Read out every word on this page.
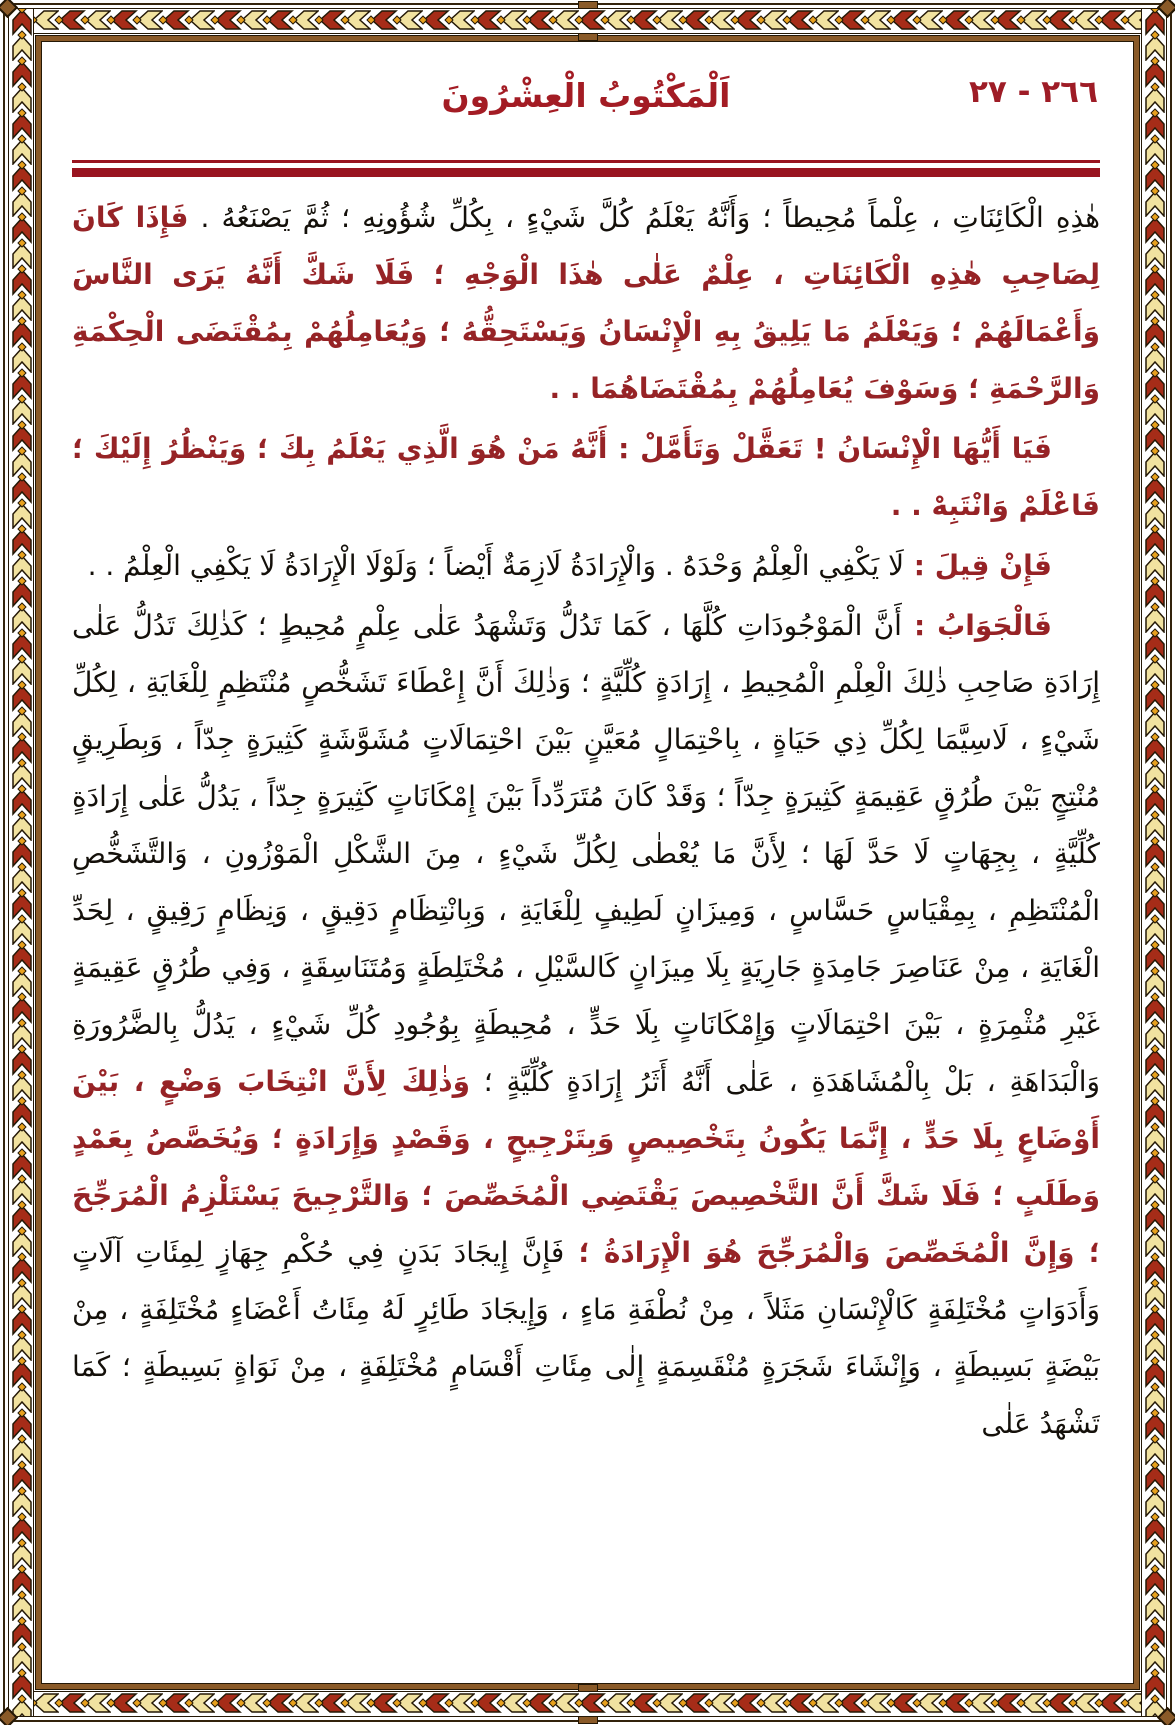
٢٦٦ - ٢٧
اَلْمَكْتُوبُ الْعِشْرُونَ

هٰذِهِ الْكَائِنَاتِ ، عِلْماً مُحِيطاً ؛ وَأَنَّهُ يَعْلَمُ كُلَّ شَيْءٍ ، بِكُلِّ شُؤُونِهِ ؛ ثُمَّ يَصْنَعُهُ . فَإِذَا كَانَ لِصَاحِبِ هٰذِهِ الْكَائِنَاتِ ، عِلْمٌ عَلٰى هٰذَا الْوَجْهِ ؛ فَلَا شَكَّ أَنَّهُ يَرَى النَّاسَ وَأَعْمَالَهُمْ ؛ وَيَعْلَمُ مَا يَلِيقُ بِهِ الْإِنْسَانُ وَيَسْتَحِقُّهُ ؛ وَيُعَامِلُهُمْ بِمُقْتَضَى الْحِكْمَةِ وَالرَّحْمَةِ ؛ وَسَوْفَ يُعَامِلُهُمْ بِمُقْتَضَاهُمَا . .

فَيَا أَيُّهَا الْإِنْسَانُ ! تَعَقَّلْ وَتَأَمَّلْ : أَنَّهُ مَنْ هُوَ الَّذِي يَعْلَمُ بِكَ ؛ وَيَنْظُرُ إِلَيْكَ ؛ فَاعْلَمْ وَانْتَبِهْ . .

فَإِنْ قِيلَ : لَا يَكْفِي الْعِلْمُ وَحْدَهُ . وَالْإِرَادَةُ لَازِمَةٌ أَيْضاً ؛ وَلَوْلَا الْإِرَادَةُ لَا يَكْفِي الْعِلْمُ . .

فَالْجَوَابُ : أَنَّ الْمَوْجُودَاتِ كُلَّهَا ، كَمَا تَدُلُّ وَتَشْهَدُ عَلٰى عِلْمٍ مُحِيطٍ ؛ كَذٰلِكَ تَدُلُّ عَلٰى إِرَادَةِ صَاحِبِ ذٰلِكَ الْعِلْمِ الْمُحِيطِ ، إِرَادَةٍ كُلِّيَّةٍ ؛ وَذٰلِكَ أَنَّ إِعْطَاءَ تَشَخُّصٍ مُنْتَظِمٍ لِلْغَايَةِ ، لِكُلِّ شَيْءٍ ، لَاسِيَّمَا لِكُلِّ ذِي حَيَاةٍ ، بِاحْتِمَالٍ مُعَيَّنٍ بَيْنَ احْتِمَالَاتٍ مُشَوَّشَةٍ كَثِيرَةٍ جِدّاً ، وَبِطَرِيقٍ مُنْتِجٍ بَيْنَ طُرُقٍ عَقِيمَةٍ كَثِيرَةٍ جِدّاً ؛ وَقَدْ كَانَ مُتَرَدِّداً بَيْنَ إِمْكَانَاتٍ كَثِيرَةٍ جِدّاً ، يَدُلُّ عَلٰى إِرَادَةٍ كُلِّيَّةٍ ، بِجِهَاتٍ لَا حَدَّ لَهَا ؛ لِأَنَّ مَا يُعْطٰى لِكُلِّ شَيْءٍ ، مِنَ الشَّكْلِ الْمَوْزُونِ ، وَالتَّشَخُّصِ الْمُنْتَظِمِ ، بِمِقْيَاسٍ حَسَّاسٍ ، وَمِيزَانٍ لَطِيفٍ لِلْغَايَةِ ، وَبِانْتِظَامٍ دَقِيقٍ ، وَنِظَامٍ رَقِيقٍ ، لِحَدِّ الْغَايَةِ ، مِنْ عَنَاصِرَ جَامِدَةٍ جَارِيَةٍ بِلَا مِيزَانٍ كَالسَّيْلِ ، مُخْتَلِطَةٍ وَمُتَنَاسِقَةٍ ، وَفِي طُرُقٍ عَقِيمَةٍ غَيْرِ مُثْمِرَةٍ ، بَيْنَ احْتِمَالَاتٍ وَإِمْكَانَاتٍ بِلَا حَدٍّ ، مُحِيطَةٍ بِوُجُودِ كُلِّ شَيْءٍ ، يَدُلُّ بِالضَّرُورَةِ وَالْبَدَاهَةِ ، بَلْ بِالْمُشَاهَدَةِ ، عَلٰى أَنَّهُ أَثَرُ إِرَادَةٍ كُلِّيَّةٍ ؛ وَذٰلِكَ لِأَنَّ انْتِخَابَ وَضْعٍ ، بَيْنَ أَوْضَاعٍ بِلَا حَدٍّ ، إِنَّمَا يَكُونُ بِتَخْصِيصٍ وَبِتَرْجِيحٍ ، وَقَصْدٍ وَإِرَادَةٍ ؛ وَيُخَصَّصُ بِعَمْدٍ وَطَلَبٍ ؛ فَلَا شَكَّ أَنَّ التَّخْصِيصَ يَقْتَضِي الْمُخَصِّصَ ؛ وَالتَّرْجِيحَ يَسْتَلْزِمُ الْمُرَجِّحَ ؛ وَإِنَّ الْمُخَصِّصَ وَالْمُرَجِّحَ هُوَ الْإِرَادَةُ ؛ فَإِنَّ إِيجَادَ بَدَنٍ فِي حُكْمِ جِهَازٍ لِمِئَاتِ آلَاتٍ وَأَدَوَاتٍ مُخْتَلِفَةٍ كَالْإِنْسَانِ مَثَلاً ، مِنْ نُطْفَةِ مَاءٍ ، وَإِيجَادَ طَائِرٍ لَهُ مِئَاتُ أَعْضَاءٍ مُخْتَلِفَةٍ ، مِنْ بَيْضَةٍ بَسِيطَةٍ ، وَإِنْشَاءَ شَجَرَةٍ مُنْقَسِمَةٍ إِلٰى مِئَاتِ أَقْسَامٍ مُخْتَلِفَةٍ ، مِنْ نَوَاةٍ بَسِيطَةٍ ؛ كَمَا تَشْهَدُ عَلٰى
